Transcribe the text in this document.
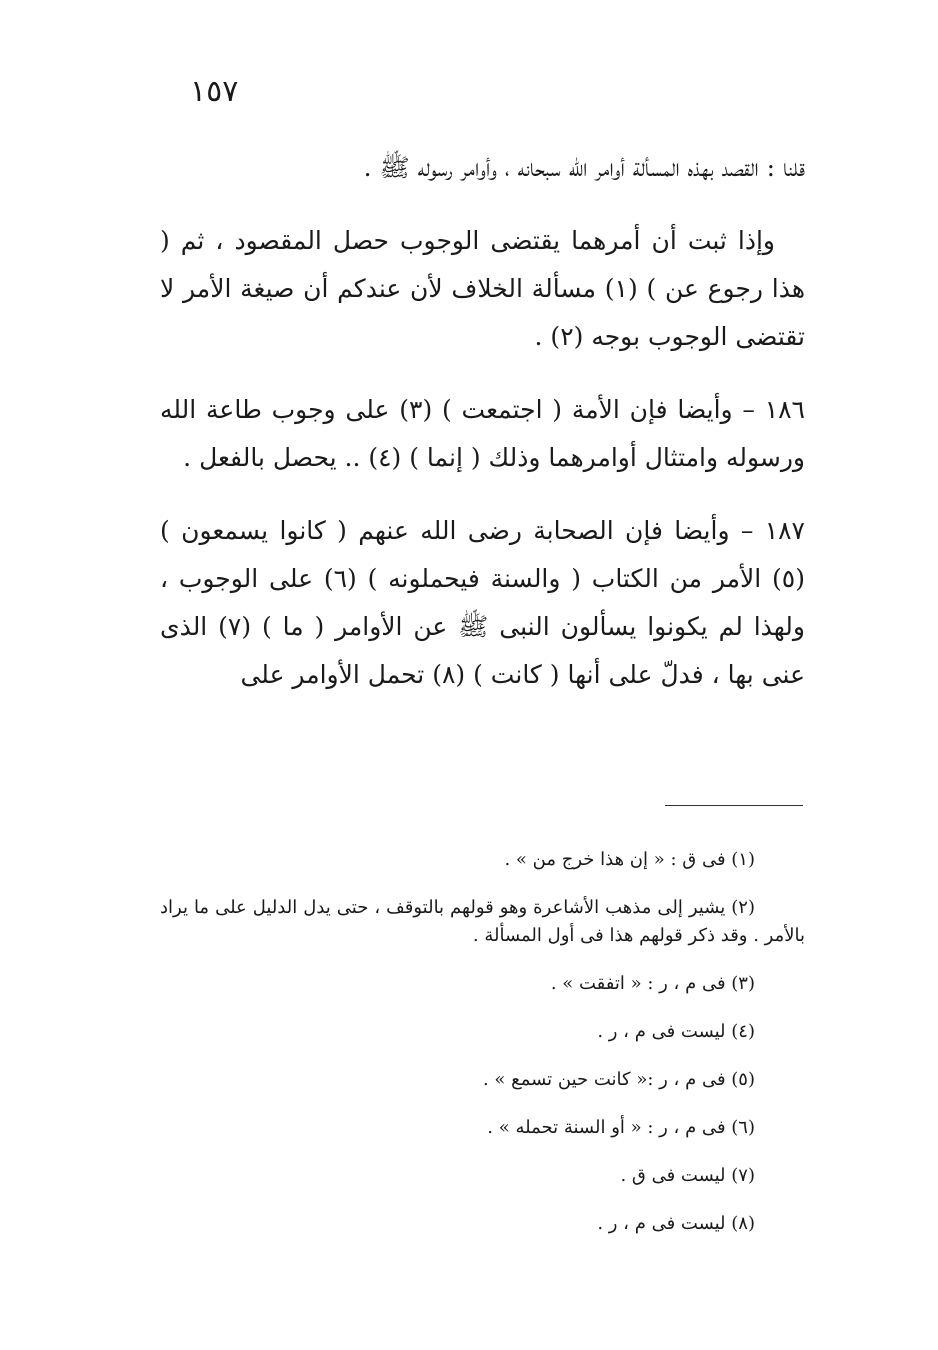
١٥٧

قلنا : القصد بهذه المسألة أوامر الله سبحانه ، وأوامر رسوله ﷺ .

وإذا ثبت أن أمرهما يقتضى الوجوب حصل المقصود ، ثم ( هذا رجوع عن ) (١) مسألة الخلاف لأن عندكم أن صيغة الأمر لا تقتضى الوجوب بوجه (٢) .

١٨٦ – وأيضا فإن الأمة ( اجتمعت ) (٣) على وجوب طاعة الله ورسوله وامتثال أوامرهما وذلك ( إنما ) (٤) .. يحصل بالفعل .

١٨٧ – وأيضا فإن الصحابة رضى الله عنهم ( كانوا يسمعون ) (٥) الأمر من الكتاب ( والسنة فيحملونه ) (٦) على الوجوب ، ولهذا لم يكونوا يسألون النبى ﷺ عن الأوامر ( ما ) (٧) الذى عنى بها ، فدلّ على أنها ( كانت ) (٨) تحمل الأوامر على

(١) فى ق : « إن هذا خرج من » .
(٢) يشير إلى مذهب الأشاعرة وهو قولهم بالتوقف ، حتى يدل الدليل على ما يراد بالأمر . وقد ذكر قولهم هذا فى أول المسألة .
(٣) فى م ، ر : « اتفقت » .
(٤) ليست فى م ، ر .
(٥) فى م ، ر :« كانت حين تسمع » .
(٦) فى م ، ر : « أو السنة تحمله » .
(٧) ليست فى ق .
(٨) ليست فى م ، ر .
